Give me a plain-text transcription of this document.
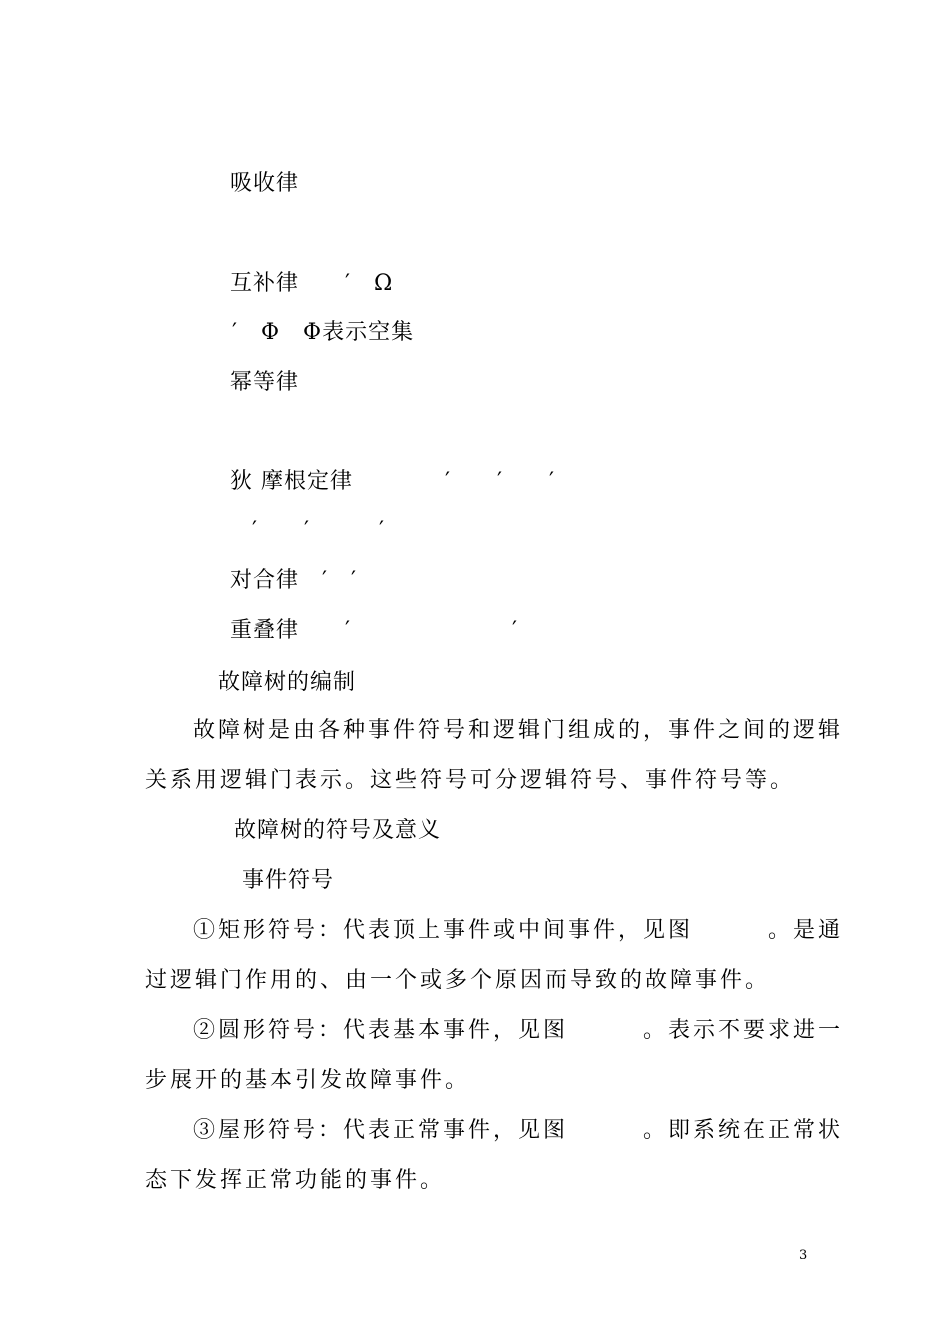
吸收律
互补律　　′　Ω
′　Φ　Φ表示空集
幂等律
狄 摩根定律　　　　′　　′　　′
′　　′　　　′
对合律　′　′
重叠律　　′　　　　　　　′
故障树的编制
故障树是由各种事件符号和逻辑门组成的，事件之间的逻辑
关系用逻辑门表示。这些符号可分逻辑符号、事件符号等。
故障树的符号及意义
事件符号
①矩形符号：代表顶上事件或中间事件，见图　　　。是通
过逻辑门作用的、由一个或多个原因而导致的故障事件。
②圆形符号：代表基本事件，见图　　　。表示不要求进一
步展开的基本引发故障事件。
③屋形符号：代表正常事件，见图　　　。即系统在正常状
态下发挥正常功能的事件。
3
